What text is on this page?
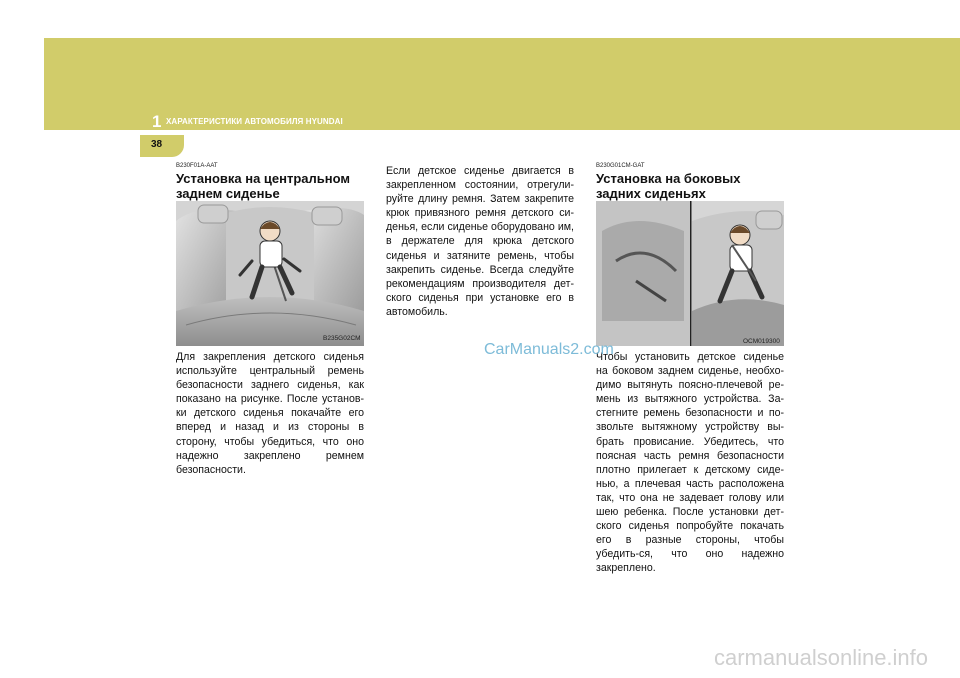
1 ХАРАКТЕРИСТИКИ АВТОМОБИЛЯ HYUNDAI
38
B230F01A-AAT
Установка на центральном заднем сиденье
B235G02CM
Для закрепления детского сиденья используйте центральный ремень безопасности заднего сиденья, как показано на рисунке. После установ-ки детского сиденья покачайте его вперед и назад и из стороны в сторону, чтобы убедиться, что оно надежно закреплено ремнем безопасности.
Если детское сиденье двигается в закрепленном состоянии, отрегули-руйте длину ремня. Затем закрепите крюк привязного ремня детского си-денья, если сиденье оборудовано им, в держателе для крюка детского сиденья и затяните ремень, чтобы закрепить сиденье. Всегда следуйте рекомендациям производителя дет-ского сиденья при установке его в автомобиль.
B230G01CM-GAT
Установка на боковых задних сиденьях
OCM019300
Чтобы установить детское сиденье на боковом заднем сиденье, необхо-димо вытянуть поясно-плечевой ре-мень из вытяжного устройства. За-стегните ремень безопасности и по-звольте вытяжному устройству вы-брать провисание. Убедитесь, что поясная часть ремня безопасности плотно прилегает к детскому сиде-нью, а плечевая часть расположена так, что она не задевает голову или шею ребенка. После установки дет-ского сиденья попробуйте покачать его в разные стороны, чтобы убедить-ся, что оно надежно закреплено.
CarManuals2.com
carmanualsonline.info
